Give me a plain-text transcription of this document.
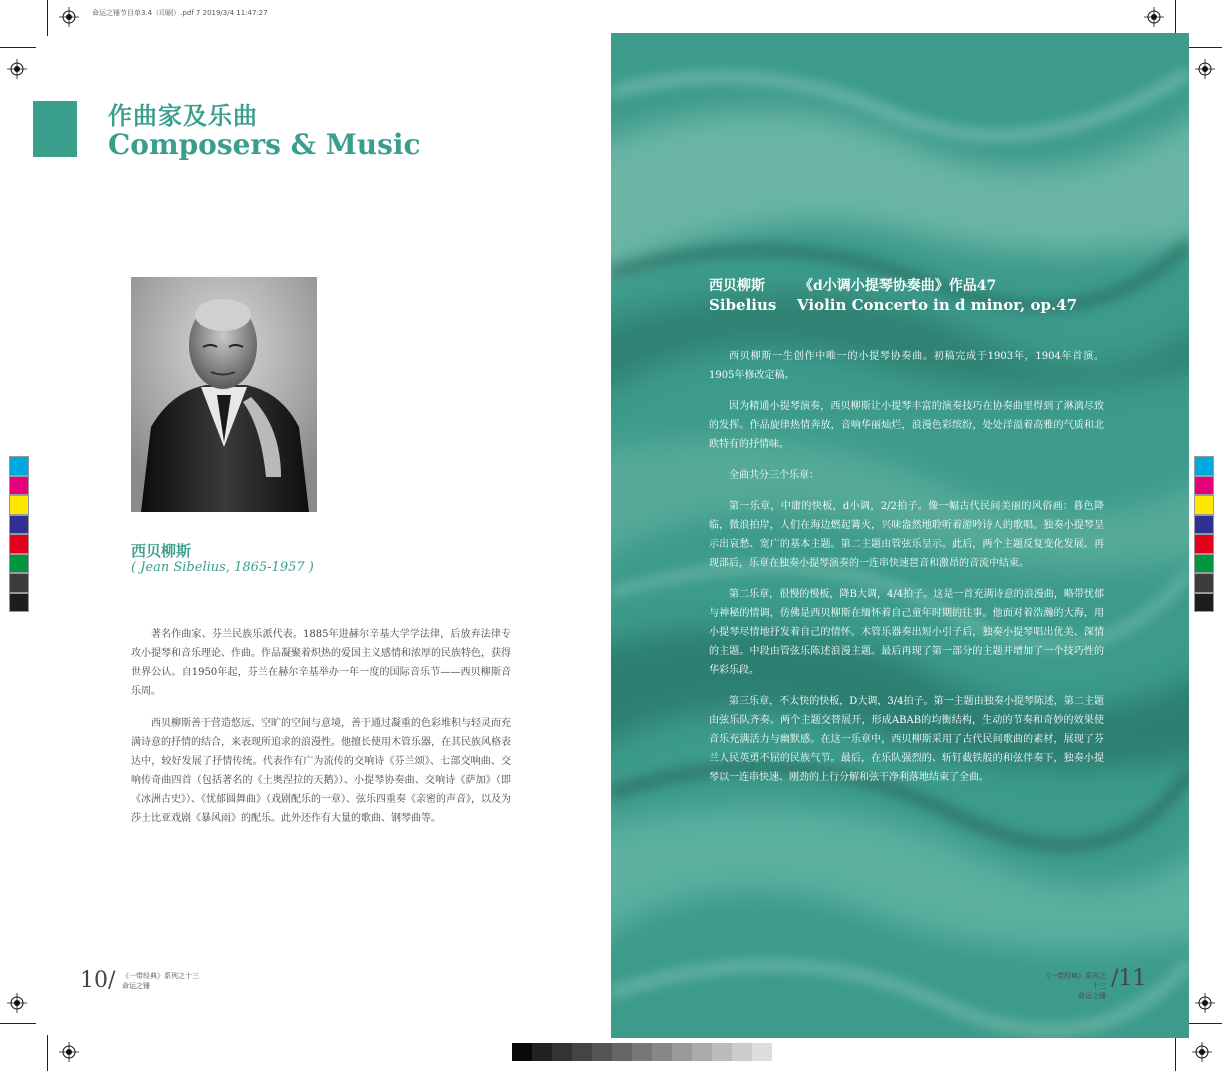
命运之锤节目单3.4（印刷）.pdf 7 2019/3/4 11:47:27
作曲家及乐曲
Composers & Music
西贝柳斯
( Jean Sibelius, 1865-1957 )

著名作曲家、芬兰民族乐派代表。1885年进赫尔辛基大学学法律，后放弃法律专攻小提琴和音乐理论、作曲。作品凝聚着炽热的爱国主义感情和浓厚的民族特色，获得世界公认。自1950年起，芬兰在赫尔辛基举办一年一度的国际音乐节——西贝柳斯音乐周。

西贝柳斯善于营造悠远、空旷的空间与意境，善于通过凝重的色彩堆积与轻灵而充满诗意的抒情的结合，来表现所追求的浪漫性。他擅长使用木管乐器，在其民族风格表达中，较好发展了抒情传统。代表作有广为流传的交响诗《芬兰颂》、七部交响曲、交响传奇曲四首（包括著名的《土奥涅拉的天鹅》）、小提琴协奏曲、交响诗《萨加》（即《冰洲古史》）、《忧郁圆舞曲》（戏剧配乐的一章）、弦乐四重奏《亲密的声音》，以及为莎士比亚戏剧《暴风雨》的配乐。此外还作有大量的歌曲、钢琴曲等。

西贝柳斯 《d小调小提琴协奏曲》作品47
Sibelius Violin Concerto in d minor, op.47

西贝柳斯一生创作中唯一的小提琴协奏曲。初稿完成于1903年，1904年首演。1905年修改定稿。

因为精通小提琴演奏，西贝柳斯让小提琴丰富的演奏技巧在协奏曲里得到了淋漓尽致的发挥。作品旋律热情奔放，音响华丽灿烂，浪漫色彩缤纷，处处洋溢着高雅的气质和北欧特有的抒情味。

全曲共分三个乐章：

第一乐章，中庸的快板，d小调，2/2拍子。像一幅古代民间美丽的风俗画：暮色降临，微浪拍岸，人们在海边燃起篝火，兴味盎然地聆听着游吟诗人的歌唱。独奏小提琴呈示出哀愁、宽广的基本主题。第二主题由管弦乐呈示。此后，两个主题反复变化发展。再现部后，乐章在独奏小提琴演奏的一连串快速琶音和激昂的音流中结束。

第二乐章，很慢的慢板，降B大调，4/4拍子。这是一首充满诗意的浪漫曲，略带忧郁与神秘的情调，仿佛是西贝柳斯在缅怀着自己童年时期的往事。他面对着浩瀚的大海，用小提琴尽情地抒发着自己的情怀。木管乐器奏出短小引子后，独奏小提琴唱出优美、深情的主题。中段由管弦乐陈述浪漫主题。最后再现了第一部分的主题并增加了一个技巧性的华彩乐段。

第三乐章，不太快的快板，D大调，3/4拍子。第一主题由独奏小提琴陈述，第二主题由弦乐队齐奏。两个主题交替展开，形成ABAB的均衡结构，生动的节奏和奇妙的效果使音乐充满活力与幽默感。在这一乐章中，西贝柳斯采用了古代民间歌曲的素材，展现了芬兰人民英勇不屈的民族气节。最后，在乐队强烈的、斩钉截铁般的和弦伴奏下，独奏小提琴以一连串快速、刚劲的上行分解和弦干净利落地结束了全曲。

10/ 《一带经典》系列之十三
命运之锤
《一带经典》系列之十三
命运之锤
/11
